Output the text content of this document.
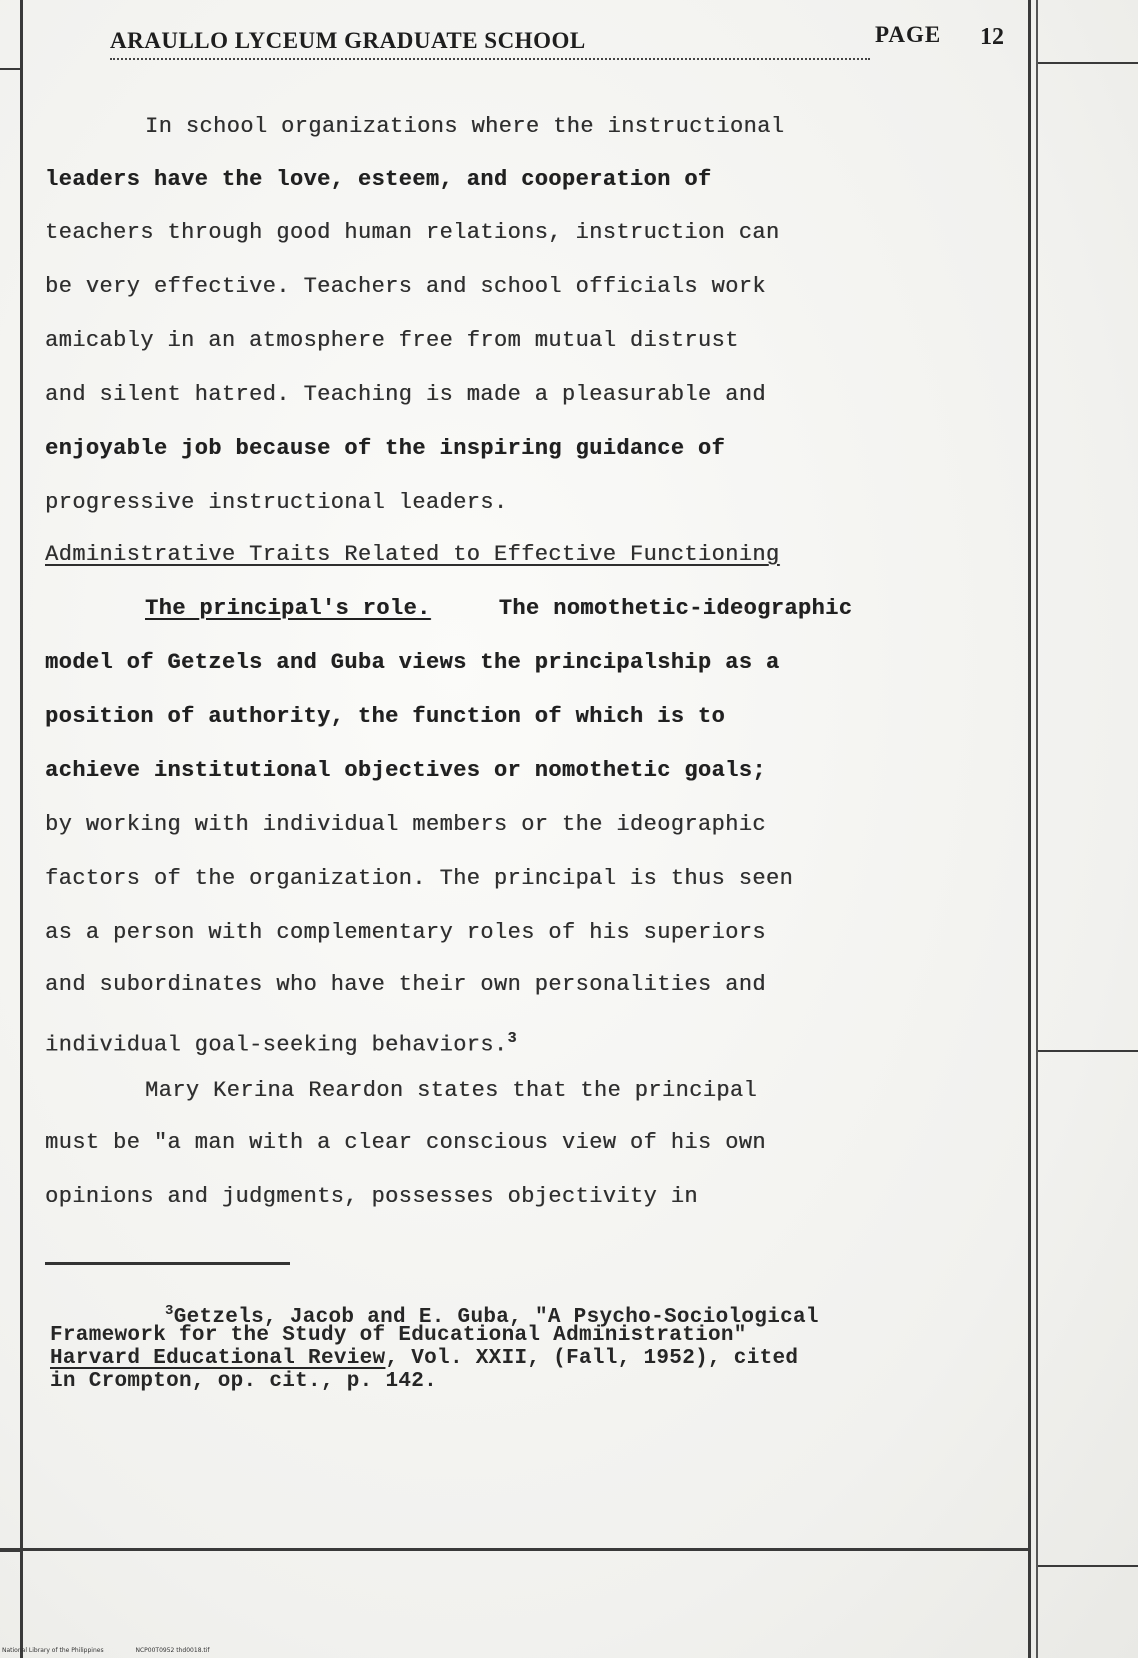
ARAULLO LYCEUM GRADUATE SCHOOL	PAGE 12
In school organizations where the instructional
leaders have the love, esteem, and cooperation of
teachers through good human relations, instruction can
be very effective. Teachers and school officials work
amicably in an atmosphere free from mutual distrust
and silent hatred. Teaching is made a pleasurable and
enjoyable job because of the inspiring guidance of
progressive instructional leaders.
Administrative Traits Related to Effective Functioning
The principal's role.	The nomothetic-ideographic
model of Getzels and Guba views the principalship as a
position of authority, the function of which is to
achieve institutional objectives or nomothetic goals;
by working with individual members or the ideographic
factors of the organization. The principal is thus seen
as a person with complementary roles of his superiors
and subordinates who have their own personalities and
individual goal-seeking behaviors.$^3$
Mary Kerina Reardon states that the principal
must be "a man with a clear conscious view of his own
opinions and judgments, possesses objectivity in
$^3$Getzels, Jacob and E. Guba, "A Psycho-Sociological
Framework for the Study of Educational Administration"
Harvard Educational Review, Vol. XXII, (Fall, 1952), cited
in Crompton, op. cit., p. 142.
National Library of the Philippines	NCP00T0952 thd0018.tif
